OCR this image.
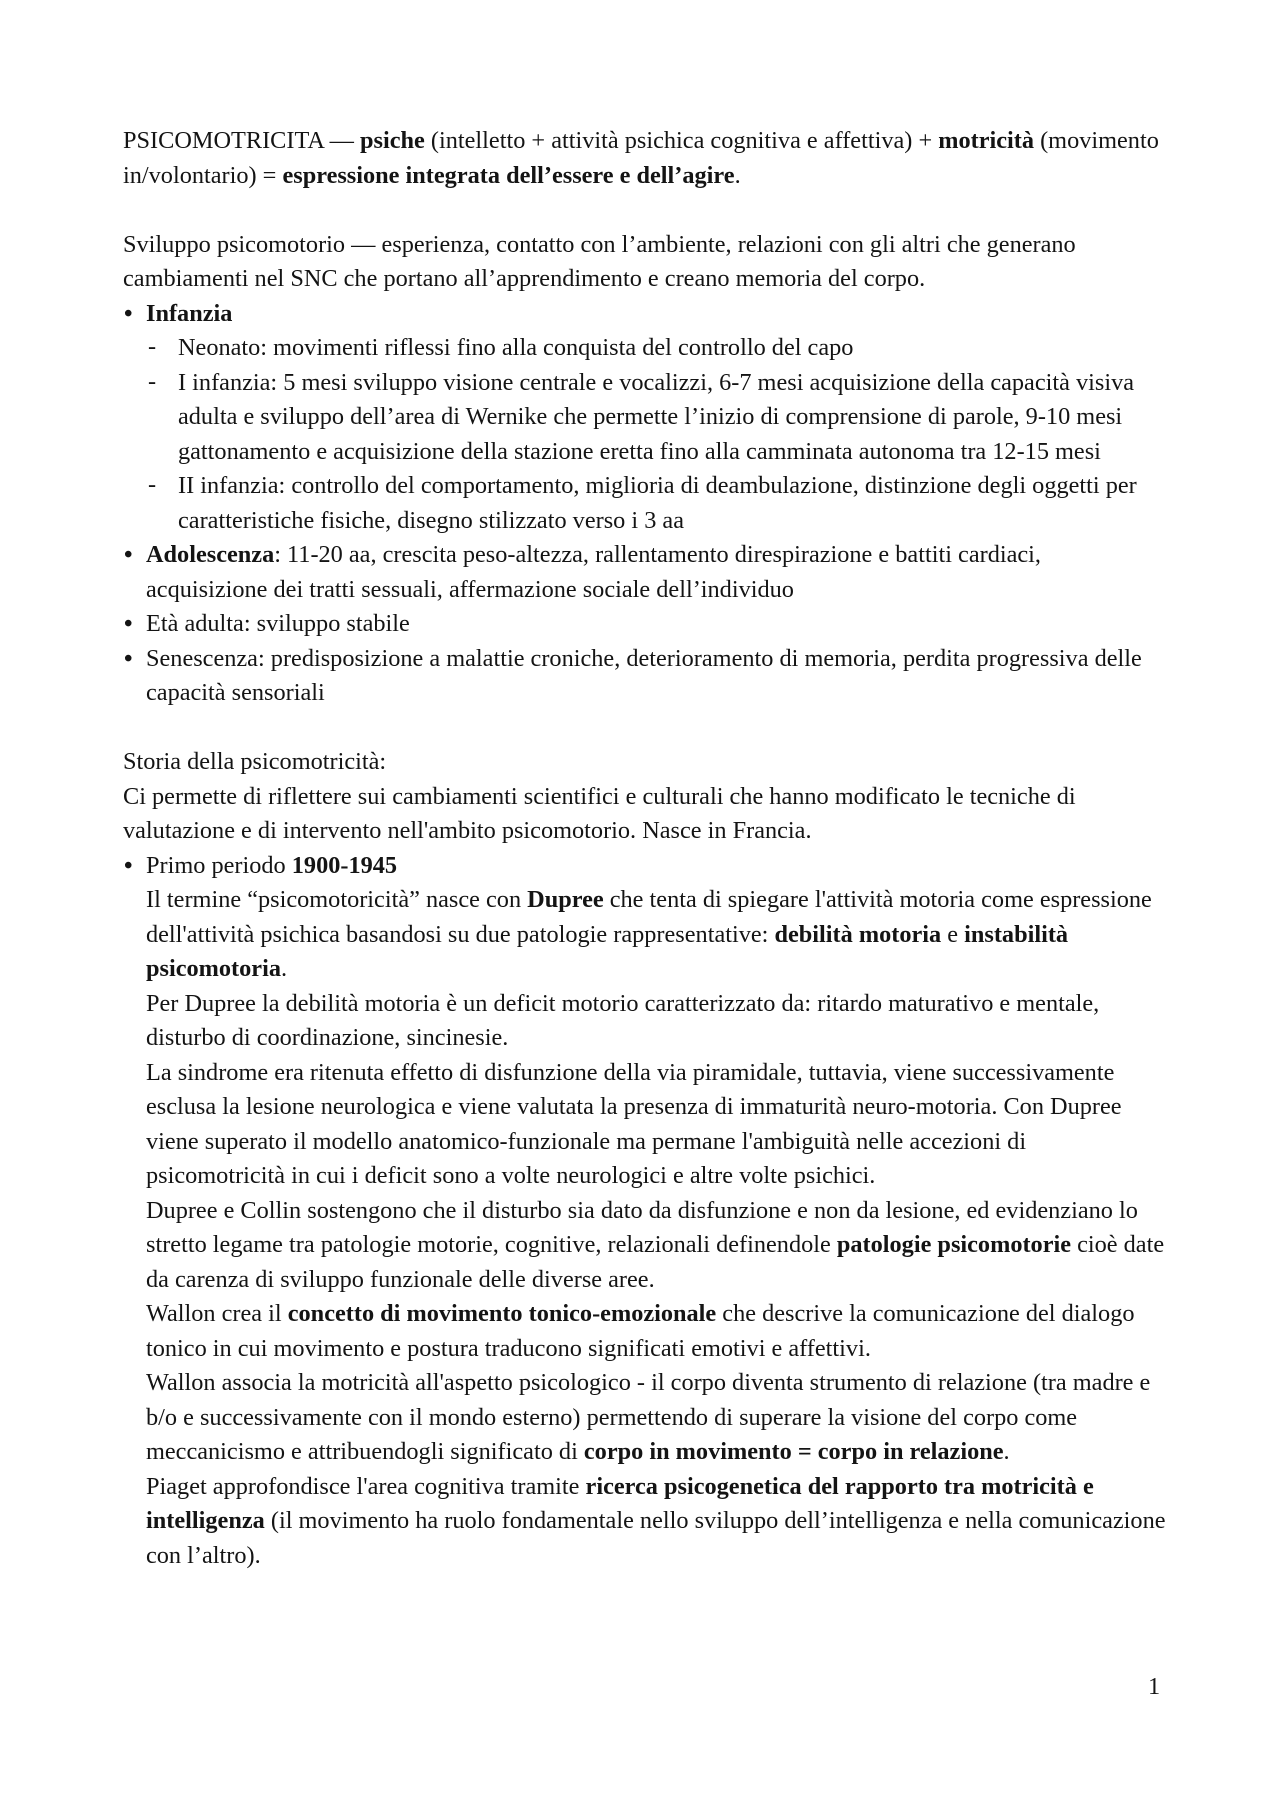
PSICOMOTRICITA — psiche (intelletto + attività psichica cognitiva e affettiva) + motricità (movimento in/volontario) = espressione integrata dell’essere e dell’agire.

Sviluppo psicomotorio — esperienza, contatto con l’ambiente, relazioni con gli altri che generano cambiamenti nel SNC che portano all’apprendimento e creano memoria del corpo.

• Infanzia
- Neonato: movimenti riflessi fino alla conquista del controllo del capo
- I infanzia: 5 mesi sviluppo visione centrale e vocalizzi, 6-7 mesi acquisizione della capacità visiva adulta e sviluppo dell’area di Wernike che permette l’inizio di comprensione di parole, 9-10 mesi gattonamento e acquisizione della stazione eretta fino alla camminata autonoma tra 12-15 mesi
- II infanzia: controllo del comportamento, miglioria di deambulazione, distinzione degli oggetti per caratteristiche fisiche, disegno stilizzato verso i 3 aa
• Adolescenza: 11-20 aa, crescita peso-altezza, rallentamento direspirazione e battiti cardiaci, acquisizione dei tratti sessuali, affermazione sociale dell’individuo
• Età adulta: sviluppo stabile
• Senescenza: predisposizione a malattie croniche, deterioramento di memoria, perdita progressiva delle capacità sensoriali

Storia della psicomotricità:

Ci permette di riflettere sui cambiamenti scientifici e culturali che hanno modificato le tecniche di valutazione e di intervento nell'ambito psicomotorio. Nasce in Francia.

• Primo periodo 1900-1945

Il termine “psicomotoricità” nasce con Dupree che tenta di spiegare l'attività motoria come espressione dell'attività psichica basandosi su due patologie rappresentative: debilità motoria e instabilità psicomotoria.

Per Dupree la debilità motoria è un deficit motorio caratterizzato da: ritardo maturativo e mentale, disturbo di coordinazione, sincinesie.

La sindrome era ritenuta effetto di disfunzione della via piramidale, tuttavia, viene successivamente esclusa la lesione neurologica e viene valutata la presenza di immaturità neuro-motoria. Con Dupree viene superato il modello anatomico-funzionale ma permane l'ambiguità nelle accezioni di psicomotricità in cui i deficit sono a volte neurologici e altre volte psichici.

Dupree e Collin sostengono che il disturbo sia dato da disfunzione e non da lesione, ed evidenziano lo stretto legame tra patologie motorie, cognitive, relazionali definendole patologie psicomotorie cioè date da carenza di sviluppo funzionale delle diverse aree.

Wallon crea il concetto di movimento tonico-emozionale che descrive la comunicazione del dialogo tonico in cui movimento e postura traducono significati emotivi e affettivi.

Wallon associa la motricità all'aspetto psicologico - il corpo diventa strumento di relazione (tra madre e b/o e successivamente con il mondo esterno) permettendo di superare la visione del corpo come meccanicismo e attribuendogli significato di corpo in movimento = corpo in relazione.

Piaget approfondisce l'area cognitiva tramite ricerca psicogenetica del rapporto tra motricità e intelligenza (il movimento ha ruolo fondamentale nello sviluppo dell’intelligenza e nella comunicazione con l’altro).

1
